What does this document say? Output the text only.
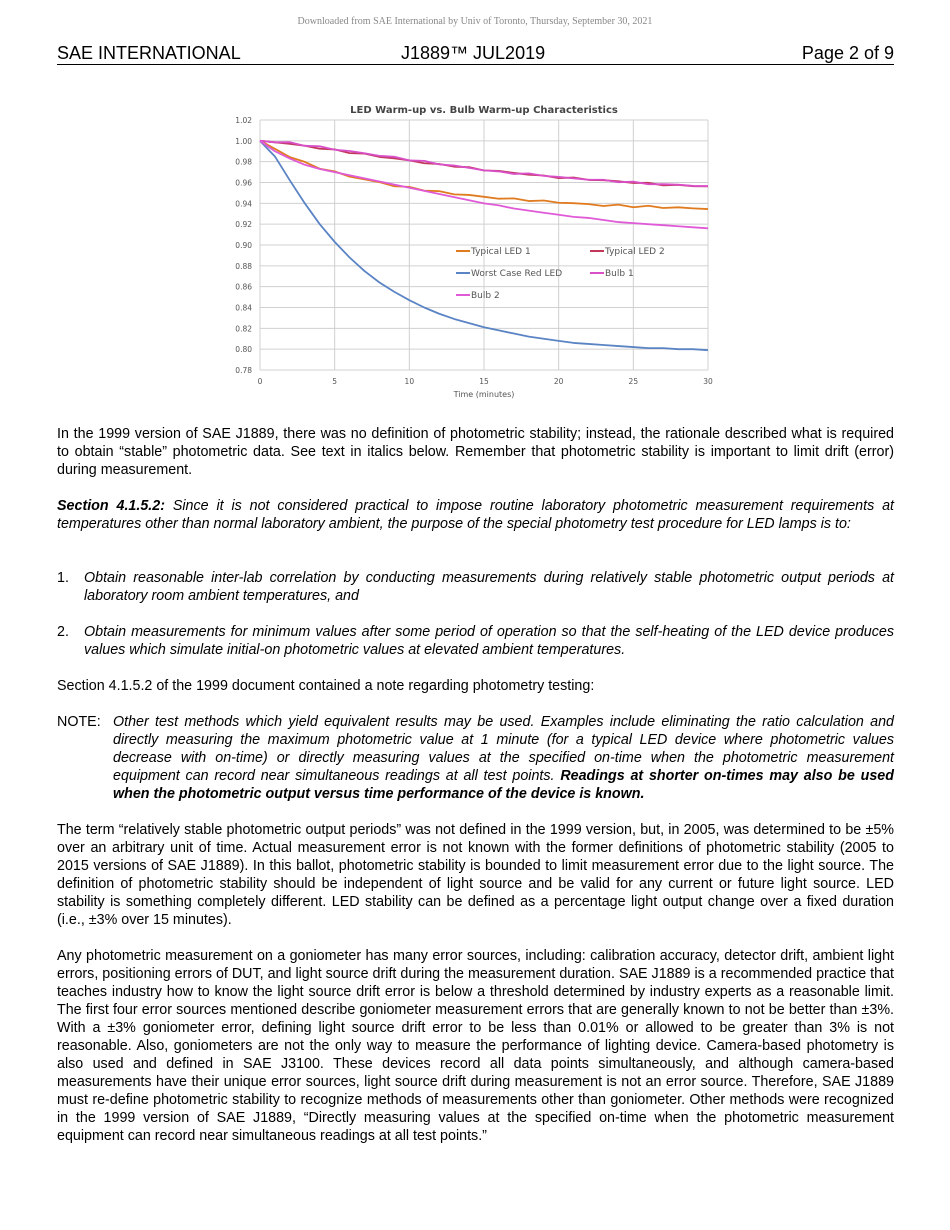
Downloaded from SAE International by Univ of Toronto, Thursday, September 30, 2021
SAE INTERNATIONAL	J1889™ JUL2019	Page 2 of 9
LED Warm-up vs. Bulb Warm-up Characteristics
1.02
1.00
0.98
0.96
0.94
0.92
0.90
0.88
0.86
0.84
0.82
0.80
0.78
0	5	10	15	20	25	30
Typical LED 1	Typical LED 2
Worst Case Red LED	Bulb 1
Bulb 2
Time (minutes)
In the 1999 version of SAE J1889, there was no definition of photometric stability; instead, the rationale described what is required to obtain “stable” photometric data. See text in italics below. Remember that photometric stability is important to limit drift (error) during measurement.
Section 4.1.5.2: Since it is not considered practical to impose routine laboratory photometric measurement requirements at temperatures other than normal laboratory ambient, the purpose of the special photometry test procedure for LED lamps is to:
1. Obtain reasonable inter-lab correlation by conducting measurements during relatively stable photometric output periods at laboratory room ambient temperatures, and
2. Obtain measurements for minimum values after some period of operation so that the self-heating of the LED device produces values which simulate initial-on photometric values at elevated ambient temperatures.
Section 4.1.5.2 of the 1999 document contained a note regarding photometry testing:
NOTE: Other test methods which yield equivalent results may be used. Examples include eliminating the ratio calculation and directly measuring the maximum photometric value at 1 minute (for a typical LED device where photometric values decrease with on-time) or directly measuring values at the specified on-time when the photometric measurement equipment can record near simultaneous readings at all test points. Readings at shorter on-times may also be used when the photometric output versus time performance of the device is known.
The term “relatively stable photometric output periods” was not defined in the 1999 version, but, in 2005, was determined to be ±5% over an arbitrary unit of time. Actual measurement error is not known with the former definitions of photometric stability (2005 to 2015 versions of SAE J1889). In this ballot, photometric stability is bounded to limit measurement error due to the light source. The definition of photometric stability should be independent of light source and be valid for any current or future light source. LED stability is something completely different. LED stability can be defined as a percentage light output change over a fixed duration (i.e., ±3% over 15 minutes).
Any photometric measurement on a goniometer has many error sources, including: calibration accuracy, detector drift, ambient light errors, positioning errors of DUT, and light source drift during the measurement duration. SAE J1889 is a recommended practice that teaches industry how to know the light source drift error is below a threshold determined by industry experts as a reasonable limit. The first four error sources mentioned describe goniometer measurement errors that are generally known to not be better than ±3%. With a ±3% goniometer error, defining light source drift error to be less than 0.01% or allowed to be greater than 3% is not reasonable. Also, goniometers are not the only way to measure the performance of lighting device. Camera-based photometry is also used and defined in SAE J3100. These devices record all data points simultaneously, and although camera-based measurements have their unique error sources, light source drift during measurement is not an error source. Therefore, SAE J1889 must re-define photometric stability to recognize methods of measurements other than goniometer. Other methods were recognized in the 1999 version of SAE J1889, “Directly measuring values at the specified on-time when the photometric measurement equipment can record near simultaneous readings at all test points.”
